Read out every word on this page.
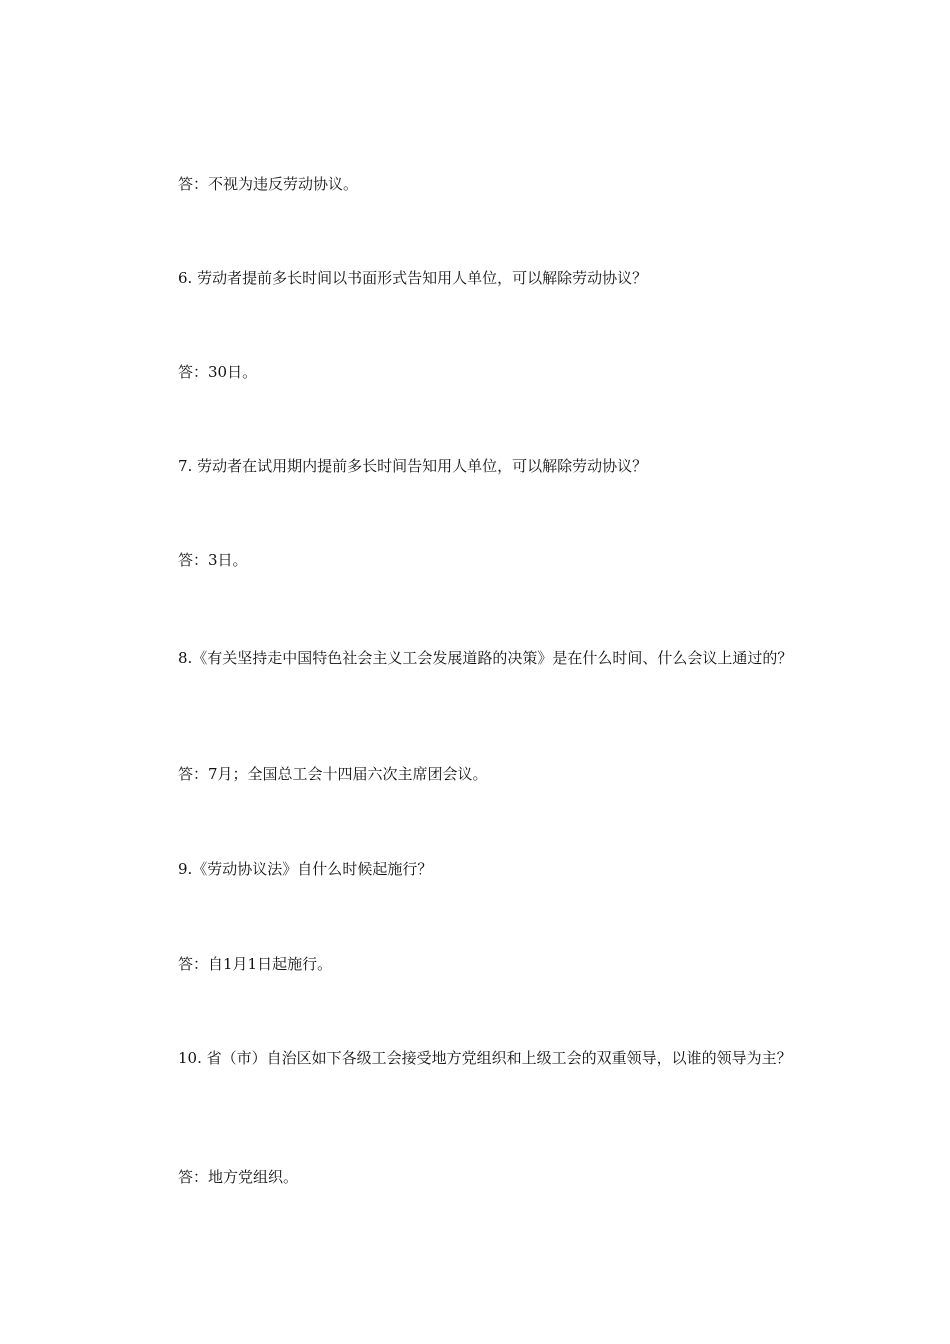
答：不视为违反劳动协议。

6. 劳动者提前多长时间以书面形式告知用人单位，可以解除劳动协议？

答：30日。

7. 劳动者在试用期内提前多长时间告知用人单位，可以解除劳动协议？

答：3日。

8.《有关坚持走中国特色社会主义工会发展道路的决策》是在什么时间、什么会议上通过的？

答：7月；全国总工会十四届六次主席团会议。

9.《劳动协议法》自什么时候起施行？

答：自1月1日起施行。

10. 省（市）自治区如下各级工会接受地方党组织和上级工会的双重领导，以谁的领导为主？

答：地方党组织。
